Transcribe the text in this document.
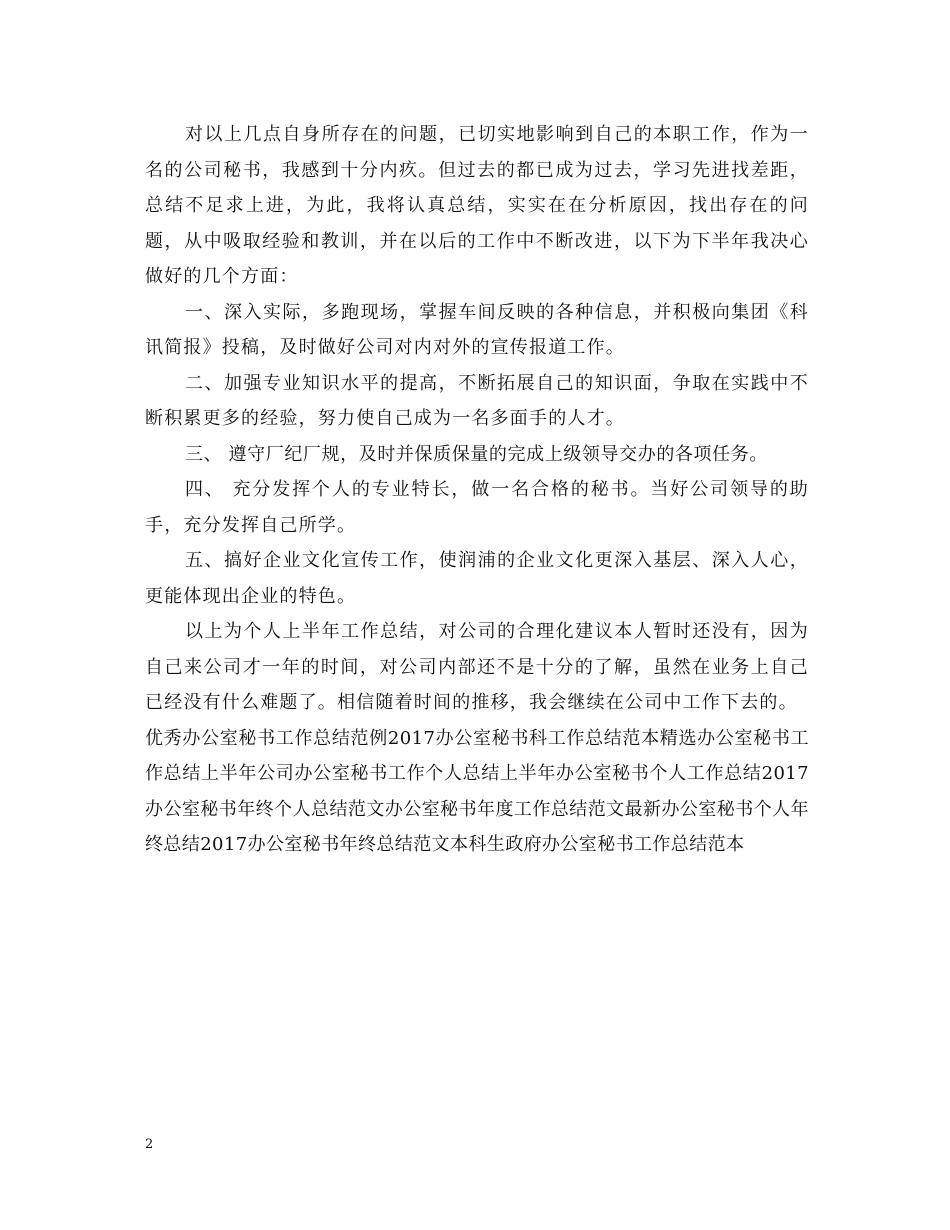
对以上几点自身所存在的问题，已切实地影响到自己的本职工作，作为一名的公司秘书，我感到十分内疚。但过去的都已成为过去，学习先进找差距，总结不足求上进，为此，我将认真总结，实实在在分析原因，找出存在的问题，从中吸取经验和教训，并在以后的工作中不断改进，以下为下半年我决心做好的几个方面：

一、深入实际，多跑现场，掌握车间反映的各种信息，并积极向集团《科讯简报》投稿，及时做好公司对内对外的宣传报道工作。

二、加强专业知识水平的提高，不断拓展自己的知识面，争取在实践中不断积累更多的经验，努力使自己成为一名多面手的人才。

三、 遵守厂纪厂规，及时并保质保量的完成上级领导交办的各项任务。

四、 充分发挥个人的专业特长，做一名合格的秘书。当好公司领导的助手，充分发挥自己所学。

五、搞好企业文化宣传工作，使润浦的企业文化更深入基层、深入人心，更能体现出企业的特色。

以上为个人上半年工作总结，对公司的合理化建议本人暂时还没有，因为自己来公司才一年的时间，对公司内部还不是十分的了解，虽然在业务上自己已经没有什么难题了。相信随着时间的推移，我会继续在公司中工作下去的。

优秀办公室秘书工作总结范例2017办公室秘书科工作总结范本精选办公室秘书工作总结上半年公司办公室秘书工作个人总结上半年办公室秘书个人工作总结2017办公室秘书年终个人总结范文办公室秘书年度工作总结范文最新办公室秘书个人年终总结2017办公室秘书年终总结范文本科生政府办公室秘书工作总结范本

2
